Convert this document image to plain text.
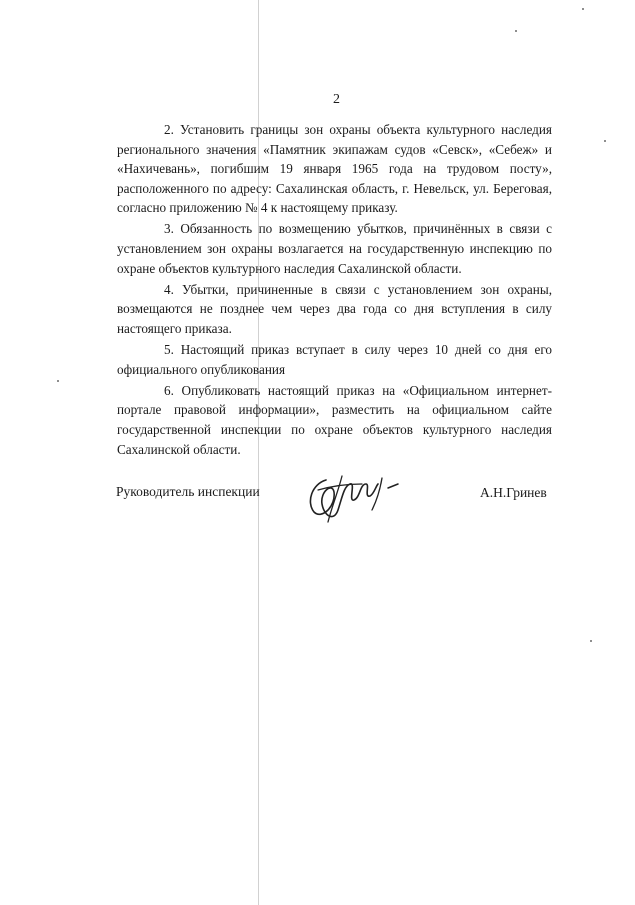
2

2. Установить границы зон охраны объекта культурного наследия регионального значения «Памятник экипажам судов «Севск», «Себеж» и «Нахичевань», погибшим 19 января 1965 года на трудовом посту», расположенного по адресу: Сахалинская область, г. Невельск, ул. Береговая, согласно приложению № 4 к настоящему приказу.

3. Обязанность по возмещению убытков, причинённых в связи с установлением зон охраны возлагается на государственную инспекцию по охране объектов культурного наследия Сахалинской области.

4. Убытки, причиненные в связи с установлением зон охраны, возмещаются не позднее чем через два года со дня вступления в силу настоящего приказа.

5. Настоящий приказ вступает в силу через 10 дней со дня его официального опубликования

6. Опубликовать настоящий приказ на «Официальном интернет-портале правовой информации», разместить на официальном сайте государственной инспекции по охране объектов культурного наследия Сахалинской области.

Руководитель инспекции	А.Н.Гринев
